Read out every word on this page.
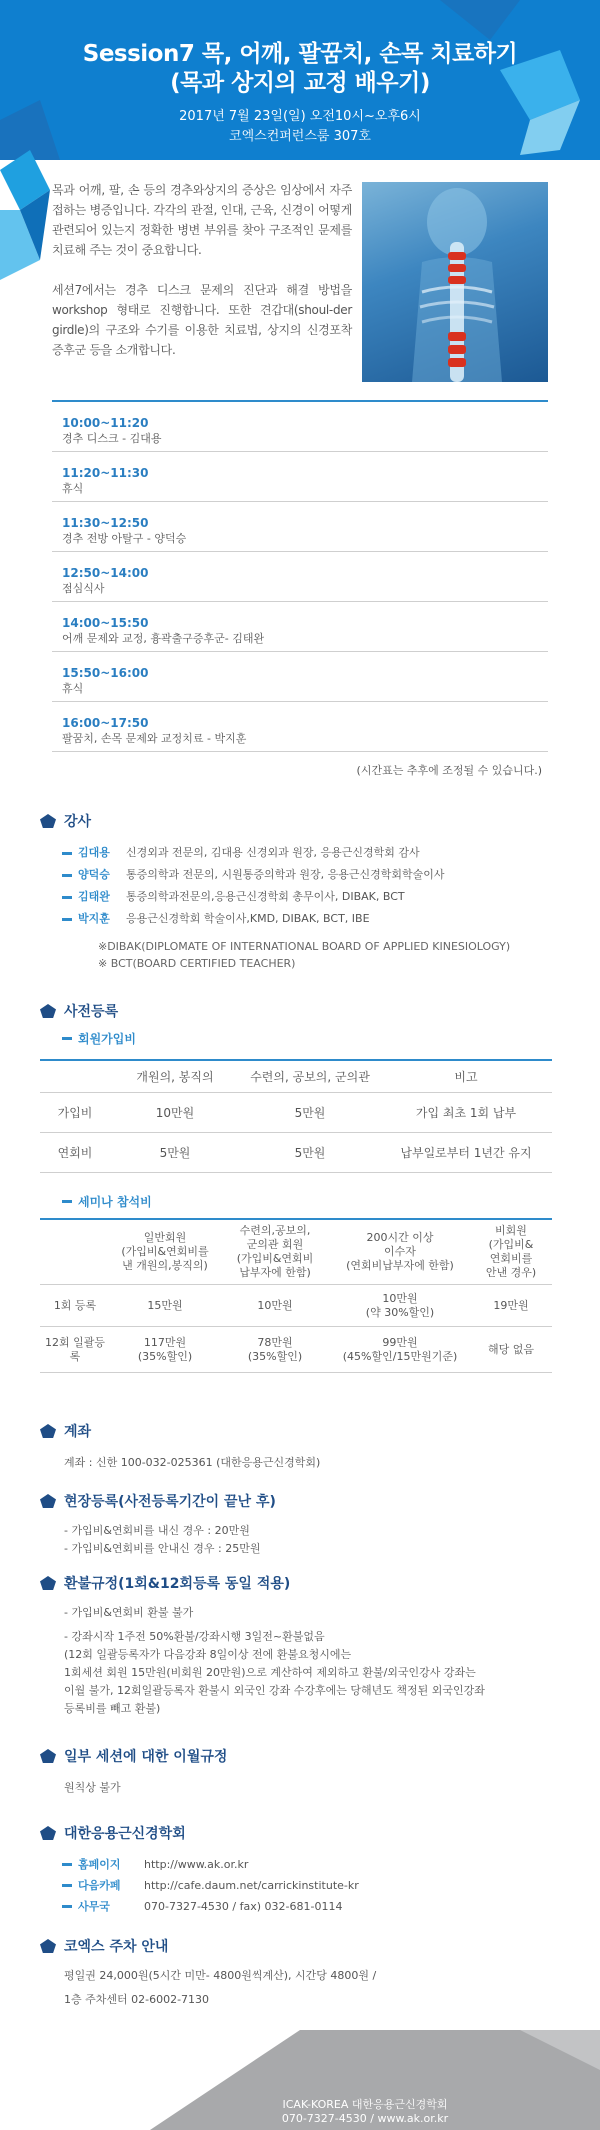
Session7 목, 어깨, 팔꿈치, 손목 치료하기
(목과 상지의 교정 배우기)
2017년 7월 23일(일) 오전10시~오후6시
코엑스컨퍼런스룸 307호

목과 어깨, 팔, 손 등의 경추와상지의 증상은 임상에서 자주 접하는 병증입니다. 각각의 관절, 인대, 근육, 신경이 어떻게 관련되어 있는지 정확한 병변 부위를 찾아 구조적인 문제를 치료해 주는 것이 중요합니다.

세션7에서는 경추 디스크 문제의 진단과 해결 방법을 workshop 형태로 진행합니다. 또한 견갑대(shoul-der girdle)의 구조와 수기를 이용한 치료법, 상지의 신경포착 증후군 등을 소개합니다.

10:00~11:20
경추 디스크 - 김대용
11:20~11:30
휴식
11:30~12:50
경추 전방 아탈구 - 양덕승
12:50~14:00
점심식사
14:00~15:50
어깨 문제와 교정, 흉곽출구증후군- 김태완
15:50~16:00
휴식
16:00~17:50
팔꿈치, 손목 문제와 교정치료 - 박지훈
(시간표는 추후에 조정될 수 있습니다.)
강사
김대용	신경외과 전문의, 김대용 신경외과 원장, 응용근신경학회 감사
양덕승	통증의학과 전문의, 시원통증의학과 원장, 응용근신경학회학술이사
김태완	통증의학과전문의,응용근신경학회 총무이사, DIBAK, BCT
박지훈	응용근신경학회 학술이사,KMD, DIBAK, BCT, IBE
※DIBAK(DIPLOMATE OF INTERNATIONAL BOARD OF APPLIED KINESIOLOGY)
※ BCT(BOARD CERTIFIED TEACHER)
사전등록
회원가입비
	개원의, 봉직의	수련의, 공보의, 군의관	비고
가입비	10만원	5만원	가입 최초 1회 납부
연회비	5만원	5만원	납부일로부터 1년간 유지
세미나 참석비
	일반회원
(가입비&연회비를
낸 개원의,봉직의)	수련의,공보의,
군의관 회원
(가입비&연회비
납부자에 한함)	200시간 이상
이수자
(연회비납부자에 한함)	비회원
(가입비&
연회비를
안낸 경우)
1회 등록	15만원	10만원	10만원
(약 30%할인)	19만원
12회 일괄등록	117만원
(35%할인)	78만원
(35%할인)	99만원
(45%할인/15만원기준)	해당 없음
계좌
계좌 : 신한 100-032-025361 (대한응용근신경학회)
현장등록(사전등록기간이 끝난 후)
- 가입비&연회비를 내신 경우 : 20만원
- 가입비&연회비를 안내신 경우 : 25만원
환불규정(1회&12회등록 동일 적용)
- 가입비&연회비 환불 불가
- 강좌시작 1주전 50%환불/강좌시행 3일전~환불없음
(12회 일괄등록자가 다음강좌 8일이상 전에 환불요청시에는
1회세션 회원 15만원(비회원 20만원)으로 계산하여 제외하고 환불/외국인강사 강좌는
이월 불가, 12회일괄등록자 환불시 외국인 강좌 수강후에는 당해년도 책정된 외국인강좌
등록비를 빼고 환불)
일부 세션에 대한 이월규정
원칙상 불가
대한응용근신경학회
홈페이지	http://www.ak.or.kr
다음카페	http://cafe.daum.net/carrickinstitute-kr
사무국	070-7327-4530 / fax) 032-681-0114
코엑스 주차 안내
평일권 24,000원(5시간 미만- 4800원씩계산), 시간당 4800원 /
1층 주차센터 02-6002-7130
ICAK-KOREA 대한응용근신경학회
070-7327-4530 / www.ak.or.kr
